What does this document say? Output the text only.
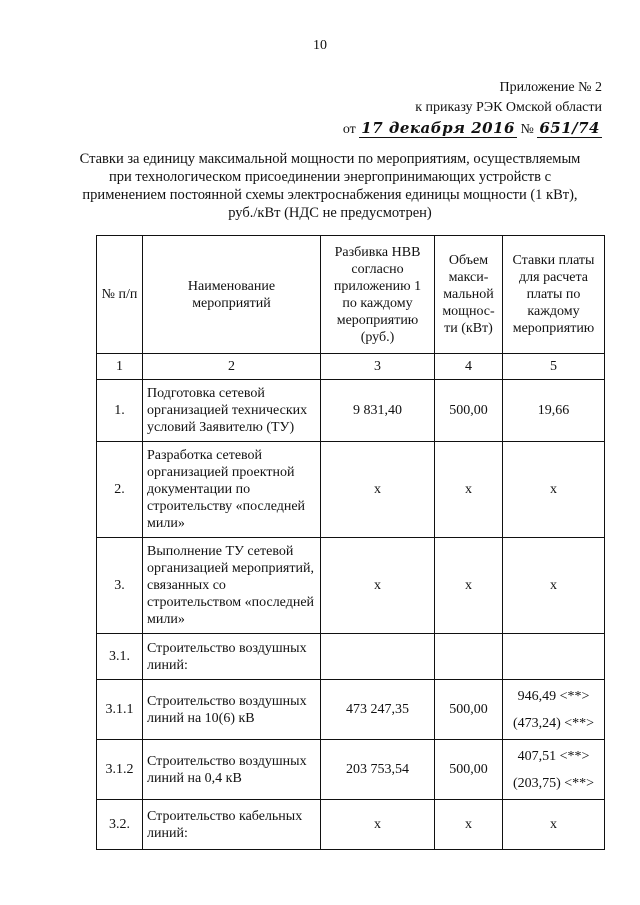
10
Приложение № 2
к приказу РЭК Омской области
от 17 декабря 2016 № 651/74
Ставки за единицу максимальной мощности по мероприятиям, осуществляемым при технологическом присоединении энергопринимающих устройств с применением постоянной схемы электроснабжения единицы мощности (1 кВт), руб./кВт (НДС не предусмотрен)
№ п/п	Наименование мероприятий	Разбивка НВВ согласно приложению 1 по каждому мероприятию (руб.)	Объем макси-мальной мощнос-ти (кВт)	Ставки платы для расчета платы по каждому мероприятию
1	2	3	4	5
1.	Подготовка сетевой организацией технических условий Заявителю (ТУ)	9 831,40	500,00	19,66
2.	Разработка сетевой организацией проектной документации по строительству «последней мили»	х	х	х
3.	Выполнение ТУ сетевой организацией мероприятий, связанных со строительством «последней мили»	х	х	х
3.1.	Строительство воздушных линий:			
3.1.1	Строительство воздушных линий на 10(6) кВ	473 247,35	500,00	946,49 <**>
(473,24) <**>

3.1.2	Строительство воздушных линий на 0,4 кВ	203 753,54	500,00	407,51 <**>
(203,75) <**>

3.2.	Строительство кабельных линий:	х	х	х
